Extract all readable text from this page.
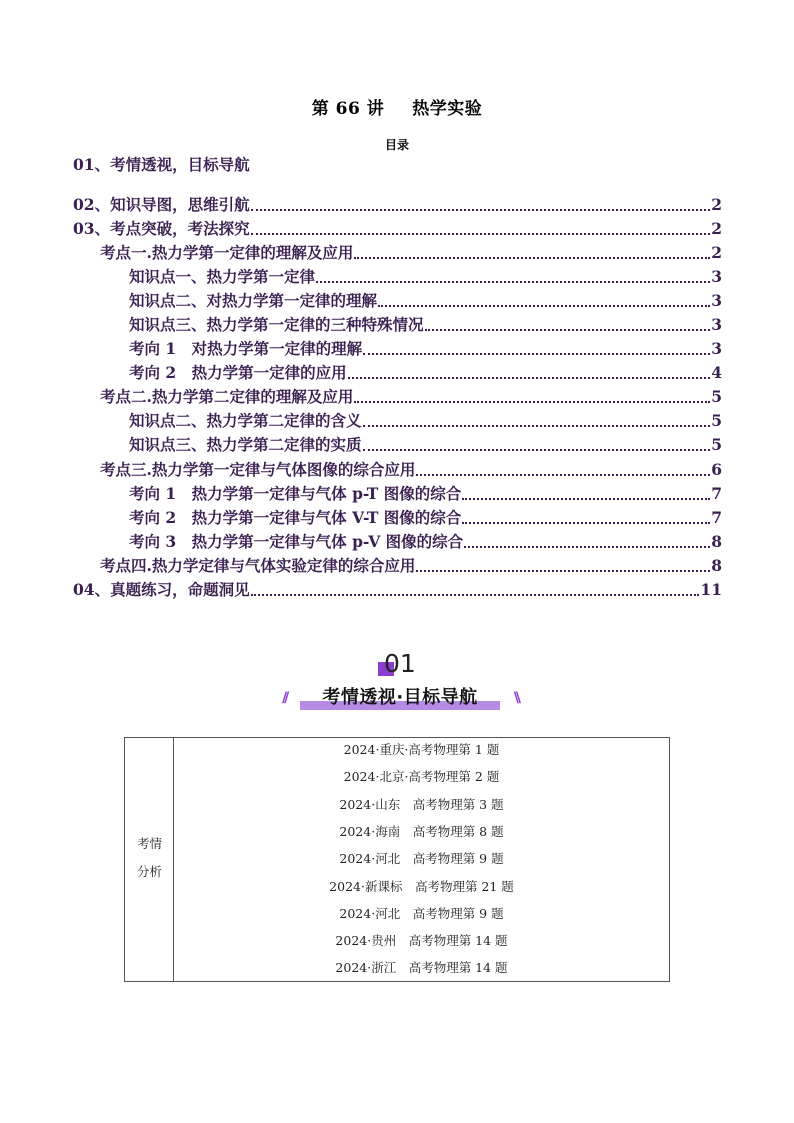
第 66 讲 热学实验
目录
01、考情透视，目标导航
02、知识导图，思维引航	2
03、考点突破，考法探究	2
考点一.热力学第一定律的理解及应用	2
知识点一、热力学第一定律	3
知识点二、对热力学第一定律的理解	3
知识点三、热力学第一定律的三种特殊情况	3
考向 1　对热力学第一定律的理解	3
考向 2　热力学第一定律的应用	4
考点二.热力学第二定律的理解及应用	5
知识点二、热力学第二定律的含义	5
知识点三、热力学第二定律的实质	5
考点三.热力学第一定律与气体图像的综合应用	6
考向 1　热力学第一定律与气体 p-T 图像的综合	7
考向 2　热力学第一定律与气体 V-T 图像的综合	7
考向 3　热力学第一定律与气体 p-V 图像的综合	8
考点四.热力学定律与气体实验定律的综合应用	8
04、真题练习，命题洞见	11
01
//	考情透视·目标导航	\\
考情
分析
2024·重庆·高考物理第 1 题
2024·北京·高考物理第 2 题
2024·山东　高考物理第 3 题
2024·海南　高考物理第 8 题
2024·河北　高考物理第 9 题
2024·新课标　高考物理第 21 题
2024·河北　高考物理第 9 题
2024·贵州　高考物理第 14 题
2024·浙江　高考物理第 14 题
